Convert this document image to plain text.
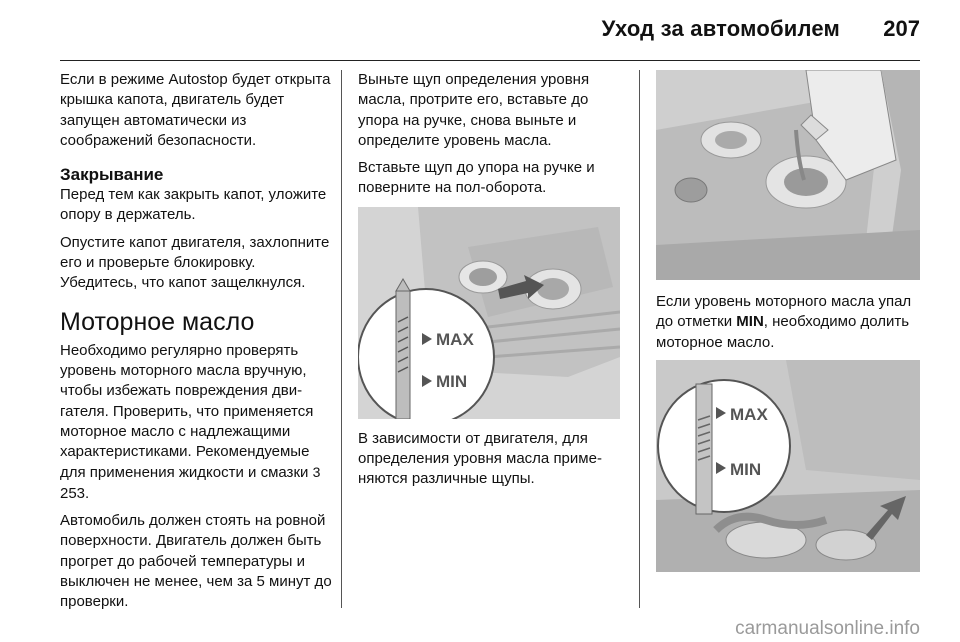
Уход за автомобилем 207

Если в режиме Autostop будет открыта крышка капота, двигатель будет запущен автоматически из соображений безопасности.

Закрывание

Перед тем как закрыть капот, уложите опору в держатель.

Опустите капот двигателя, захлопните его и проверьте блокировку. Убедитесь, что капот защелкнулся.

Моторное масло

Необходимо регулярно проверять уровень моторного масла вручную, чтобы избежать повреждения двигателя. Проверить, что применяется моторное масло с надлежащими характеристиками. Рекомендуемые для применения жидкости и смазки 3 253.

Автомобиль должен стоять на ровной поверхности. Двигатель должен быть прогрет до рабочей температуры и выключен не менее, чем за 5 минут до проверки.

Выньте щуп определения уровня масла, протрите его, вставьте до упора на ручке, снова выньте и определите уровень масла.

Вставьте щуп до упора на ручке и поверните на пол-оборота.

MAX
MIN

В зависимости от двигателя, для определения уровня масла применяются различные щупы.

Если уровень моторного масла упал до отметки MIN, необходимо долить моторное масло.

MAX
MIN
carmanualsonline.info
